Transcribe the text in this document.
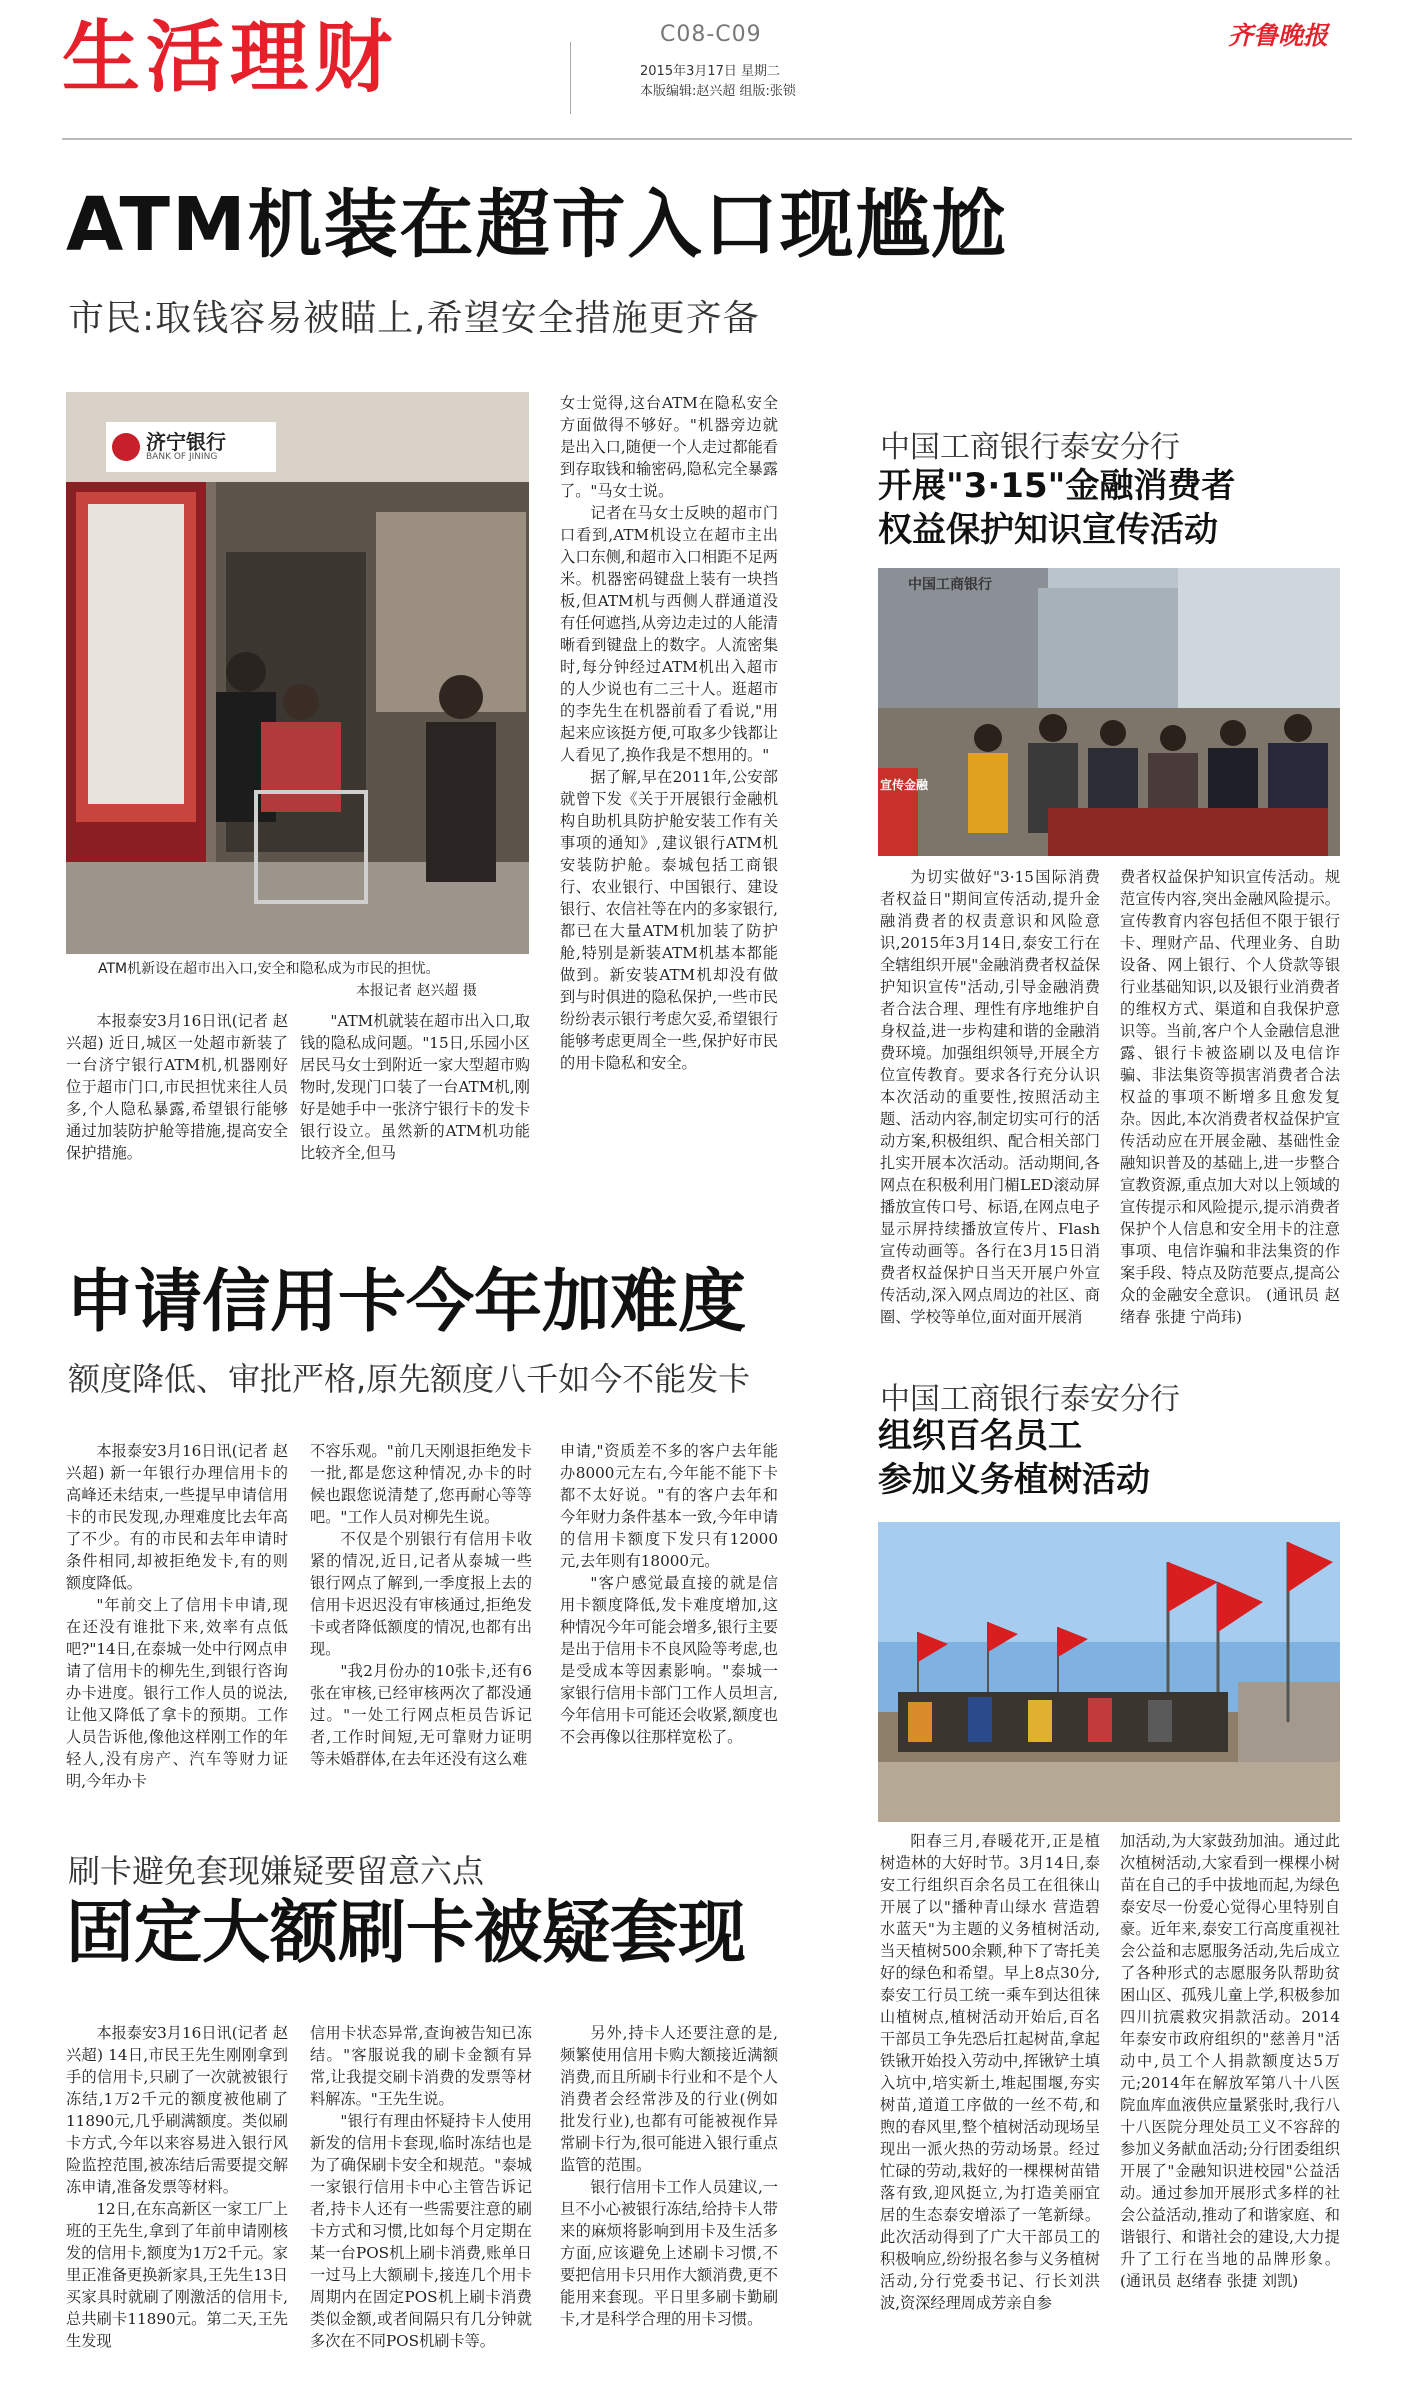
生活理财	C08-C09
2015年3月17日 星期二
本版编辑:赵兴超 组版:张锁
齐鲁晚报
ATM机装在超市入口现尴尬
市民:取钱容易被瞄上,希望安全措施更齐备
济宁银行
BANK OF JINING
ATM机新设在超市出入口,安全和隐私成为市民的担忧。
本报记者 赵兴超 摄

本报泰安3月16日讯(记者 赵兴超) 近日,城区一处超市新装了一台济宁银行ATM机,机器刚好位于超市门口,市民担忧来往人员多,个人隐私暴露,希望银行能够通过加装防护舱等措施,提高安全保护措施。

"ATM机就装在超市出入口,取钱的隐私成问题。"15日,乐园小区居民马女士到附近一家大型超市购物时,发现门口装了一台ATM机,刚好是她手中一张济宁银行卡的发卡银行设立。虽然新的ATM机功能比较齐全,但马

女士觉得,这台ATM在隐私安全方面做得不够好。"机器旁边就是出入口,随便一个人走过都能看到存取钱和输密码,隐私完全暴露了。"马女士说。

记者在马女士反映的超市门口看到,ATM机设立在超市主出入口东侧,和超市入口相距不足两米。机器密码键盘上装有一块挡板,但ATM机与西侧人群通道没有任何遮挡,从旁边走过的人能清晰看到键盘上的数字。人流密集时,每分钟经过ATM机出入超市的人少说也有二三十人。逛超市的李先生在机器前看了看说,"用起来应该挺方便,可取多少钱都让人看见了,换作我是不想用的。"

据了解,早在2011年,公安部就曾下发《关于开展银行金融机构自助机具防护舱安装工作有关事项的通知》,建议银行ATM机安装防护舱。泰城包括工商银行、农业银行、中国银行、建设银行、农信社等在内的多家银行,都已在大量ATM机加装了防护舱,特别是新装ATM机基本都能做到。新安装ATM机却没有做到与时俱进的隐私保护,一些市民纷纷表示银行考虑欠妥,希望银行能够考虑更周全一些,保护好市民的用卡隐私和安全。

申请信用卡今年加难度
额度降低、审批严格,原先额度八千如今不能发卡

本报泰安3月16日讯(记者 赵兴超) 新一年银行办理信用卡的高峰还未结束,一些提早申请信用卡的市民发现,办理难度比去年高了不少。有的市民和去年申请时条件相同,却被拒绝发卡,有的则额度降低。

"年前交上了信用卡申请,现在还没有谁批下来,效率有点低吧?"14日,在泰城一处中行网点申请了信用卡的柳先生,到银行咨询办卡进度。银行工作人员的说法,让他又降低了拿卡的预期。工作人员告诉他,像他这样刚工作的年轻人,没有房产、汽车等财力证明,今年办卡

不容乐观。"前几天刚退拒绝发卡一批,都是您这种情况,办卡的时候也跟您说清楚了,您再耐心等等吧。"工作人员对柳先生说。

不仅是个别银行有信用卡收紧的情况,近日,记者从泰城一些银行网点了解到,一季度报上去的信用卡迟迟没有审核通过,拒绝发卡或者降低额度的情况,也都有出现。

"我2月份办的10张卡,还有6张在审核,已经审核两次了都没通过。"一处工行网点柜员告诉记者,工作时间短,无可靠财力证明等未婚群体,在去年还没有这么难

申请,"资质差不多的客户去年能办8000元左右,今年能不能下卡都不太好说。"有的客户去年和今年财力条件基本一致,今年申请的信用卡额度下发只有12000元,去年则有18000元。

"客户感觉最直接的就是信用卡额度降低,发卡难度增加,这种情况今年可能会增多,银行主要是出于信用卡不良风险等考虑,也是受成本等因素影响。"泰城一家银行信用卡部门工作人员坦言,今年信用卡可能还会收紧,额度也不会再像以往那样宽松了。

刷卡避免套现嫌疑要留意六点
固定大额刷卡被疑套现

本报泰安3月16日讯(记者 赵兴超) 14日,市民王先生刚刚拿到手的信用卡,只刷了一次就被银行冻结,1万2千元的额度被他刷了11890元,几乎刷满额度。类似刷卡方式,今年以来容易进入银行风险监控范围,被冻结后需要提交解冻申请,准备发票等材料。

12日,在东高新区一家工厂上班的王先生,拿到了年前申请刚核发的信用卡,额度为1万2千元。家里正准备更换新家具,王先生13日买家具时就刷了刚激活的信用卡,总共刷卡11890元。第二天,王先生发现

信用卡状态异常,查询被告知已冻结。"客服说我的刷卡金额有异常,让我提交刷卡消费的发票等材料解冻。"王先生说。

"银行有理由怀疑持卡人使用新发的信用卡套现,临时冻结也是为了确保刷卡安全和规范。"泰城一家银行信用卡中心主管告诉记者,持卡人还有一些需要注意的刷卡方式和习惯,比如每个月定期在某一台POS机上刷卡消费,账单日一过马上大额刷卡,接连几个用卡周期内在固定POS机上刷卡消费类似金额,或者间隔只有几分钟就多次在不同POS机刷卡等。

另外,持卡人还要注意的是,频繁使用信用卡购大额接近满额消费,而且所刷卡行业和不是个人消费者会经常涉及的行业(例如批发行业),也都有可能被视作异常刷卡行为,很可能进入银行重点监管的范围。

银行信用卡工作人员建议,一旦不小心被银行冻结,给持卡人带来的麻烦将影响到用卡及生活多方面,应该避免上述刷卡习惯,不要把信用卡只用作大额消费,更不能用来套现。平日里多刷卡勤刷卡,才是科学合理的用卡习惯。

中国工商银行泰安分行
开展"3·15"金融消费者
权益保护知识宣传活动
中国工商银行
宣传金融

为切实做好"3·15国际消费者权益日"期间宣传活动,提升金融消费者的权责意识和风险意识,2015年3月14日,泰安工行在全辖组织开展"金融消费者权益保护知识宣传"活动,引导金融消费者合法合理、理性有序地维护自身权益,进一步构建和谐的金融消费环境。加强组织领导,开展全方位宣传教育。要求各行充分认识本次活动的重要性,按照活动主题、活动内容,制定切实可行的活动方案,积极组织、配合相关部门扎实开展本次活动。活动期间,各网点在积极利用门楣LED滚动屏播放宣传口号、标语,在网点电子显示屏持续播放宣传片、Flash宣传动画等。各行在3月15日消费者权益保护日当天开展户外宣传活动,深入网点周边的社区、商圈、学校等单位,面对面开展消

费者权益保护知识宣传活动。规范宣传内容,突出金融风险提示。宣传教育内容包括但不限于银行卡、理财产品、代理业务、自助设备、网上银行、个人贷款等银行业基础知识,以及银行业消费者的维权方式、渠道和自我保护意识等。当前,客户个人金融信息泄露、银行卡被盗刷以及电信诈骗、非法集资等损害消费者合法权益的事项不断增多且愈发复杂。因此,本次消费者权益保护宣传活动应在开展金融、基础性金融知识普及的基础上,进一步整合宣教资源,重点加大对以上领域的宣传提示和风险提示,提示消费者保护个人信息和安全用卡的注意事项、电信诈骗和非法集资的作案手段、特点及防范要点,提高公众的金融安全意识。 (通讯员 赵绪春 张捷 宁尚玮)

中国工商银行泰安分行
组织百名员工
参加义务植树活动

阳春三月,春暖花开,正是植树造林的大好时节。3月14日,泰安工行组织百余名员工在徂徕山开展了以"播种青山绿水 营造碧水蓝天"为主题的义务植树活动,当天植树500余颗,种下了寄托美好的绿色和希望。早上8点30分,泰安工行员工统一乘车到达徂徕山植树点,植树活动开始后,百名干部员工争先恐后扛起树苗,拿起铁锹开始投入劳动中,挥锹铲土填入坑中,培实新土,堆起围堰,夯实树苗,道道工序做的一丝不苟,和煦的春风里,整个植树活动现场呈现出一派火热的劳动场景。经过忙碌的劳动,栽好的一棵棵树苗错落有致,迎风挺立,为打造美丽宜居的生态泰安增添了一笔新绿。此次活动得到了广大干部员工的积极响应,纷纷报名参与义务植树活动,分行党委书记、行长刘洪波,资深经理周成芳亲自参

加活动,为大家鼓劲加油。通过此次植树活动,大家看到一棵棵小树苗在自己的手中拔地而起,为绿色泰安尽一份爱心觉得心里特别自豪。近年来,泰安工行高度重视社会公益和志愿服务活动,先后成立了各种形式的志愿服务队帮助贫困山区、孤残儿童上学,积极参加四川抗震救灾捐款活动。2014年泰安市政府组织的"慈善月"活动中,员工个人捐款额度达5万元;2014年在解放军第八十八医院血库血液供应量紧张时,我行八十八医院分理处员工义不容辞的参加义务献血活动;分行团委组织开展了"金融知识进校园"公益活动。通过参加开展形式多样的社会公益活动,推动了和谐家庭、和谐银行、和谐社会的建设,大力提升了工行在当地的品牌形象。 (通讯员 赵绪春 张捷 刘凯)
